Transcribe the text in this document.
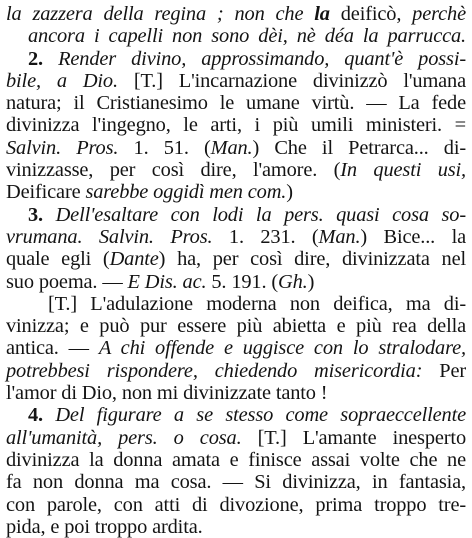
la zazzera della regina ; non che la deificò, perchè
ancora i capelli non sono dèi, nè déa la parrucca.
2. Render divino, approssimando, quant'è possi-
bile, a Dio. [T.] L'incarnazione divinizzò l'umana
natura; il Cristianesimo le umane virtù. — La fede
divinizza l'ingegno, le arti, i più umili ministeri. =
Salvin. Pros. 1. 51. (Man.) Che il Petrarca... di-
vinizzasse, per così dire, l'amore. (In questi usi,
Deificare sarebbe oggidì men com.)
3. Dell'esaltare con lodi la pers. quasi cosa so-
vrumana. Salvin. Pros. 1. 231. (Man.) Bice... la
quale egli (Dante) ha, per così dire, divinizzata nel
suo poema. — E Dis. ac. 5. 191. (Gh.)
[T.] L'adulazione moderna non deifica, ma di-
vinizza; e può pur essere più abietta e più rea della
antica. — A chi offende e uggisce con lo stralodare,
potrebbesi rispondere, chiedendo misericordia: Per
l'amor di Dio, non mi divinizzate tanto !
4. Del figurare a se stesso come sopraeccellente
all'umanità, pers. o cosa. [T.] L'amante inesperto
divinizza la donna amata e finisce assai volte che ne
fa non donna ma cosa. — Si divinizza, in fantasia,
con parole, con atti di divozione, prima troppo tre-
pida, e poi troppo ardita.
